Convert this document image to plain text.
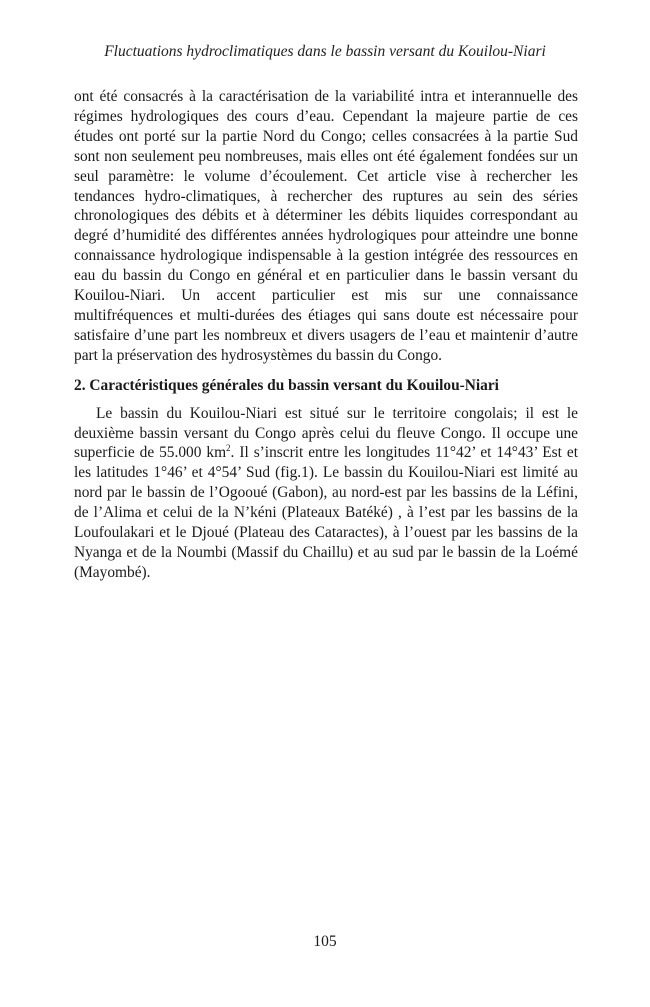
Fluctuations hydroclimatiques dans le bassin versant du Kouilou-Niari

ont été consacrés à la caractérisation de la variabilité intra et interannuelle des régimes hydrologiques des cours d’eau. Cependant la majeure partie de ces études ont porté sur la partie Nord du Congo; celles consacrées à la partie Sud sont non seulement peu nombreuses, mais elles ont été également fondées sur un seul paramètre: le volume d’écoulement. Cet article vise à rechercher les tendances hydro-climatiques, à rechercher des ruptures au sein des séries chronologiques des débits et à déterminer les débits liquides correspondant au degré d’humidité des différentes années hydrologiques pour atteindre une bonne connaissance hydrologique indispensable à la gestion intégrée des ressources en eau du bassin du Congo en général et en particulier dans le bassin versant du Kouilou-Niari. Un accent particulier est mis sur une connaissance multifréquences et multi-durées des étiages qui sans doute est nécessaire pour satisfaire d’une part les nombreux et divers usagers de l’eau et maintenir d’autre part la préservation des hydrosystèmes du bassin du Congo.

2. Caractéristiques générales du bassin versant du Kouilou-Niari

Le bassin du Kouilou-Niari est situé sur le territoire congolais; il est le deuxième bassin versant du Congo après celui du fleuve Congo. Il occupe une superficie de 55.000 $km^2$. Il s’inscrit entre les longitudes 11°42’ et 14°43’ Est et les latitudes 1°46’ et 4°54’ Sud (fig.1). Le bassin du Kouilou-Niari est limité au nord par le bassin de l’Ogooué (Gabon), au nord-est par les bassins de la Léfini, de l’Alima et celui de la N’kéni (Plateaux Batéké) , à l’est par les bassins de la Loufoulakari et le Djoué (Plateau des Cataractes), à l’ouest par les bassins de la Nyanga et de la Noumbi (Massif du Chaillu) et au sud par le bassin de la Loémé (Mayombé).

105
